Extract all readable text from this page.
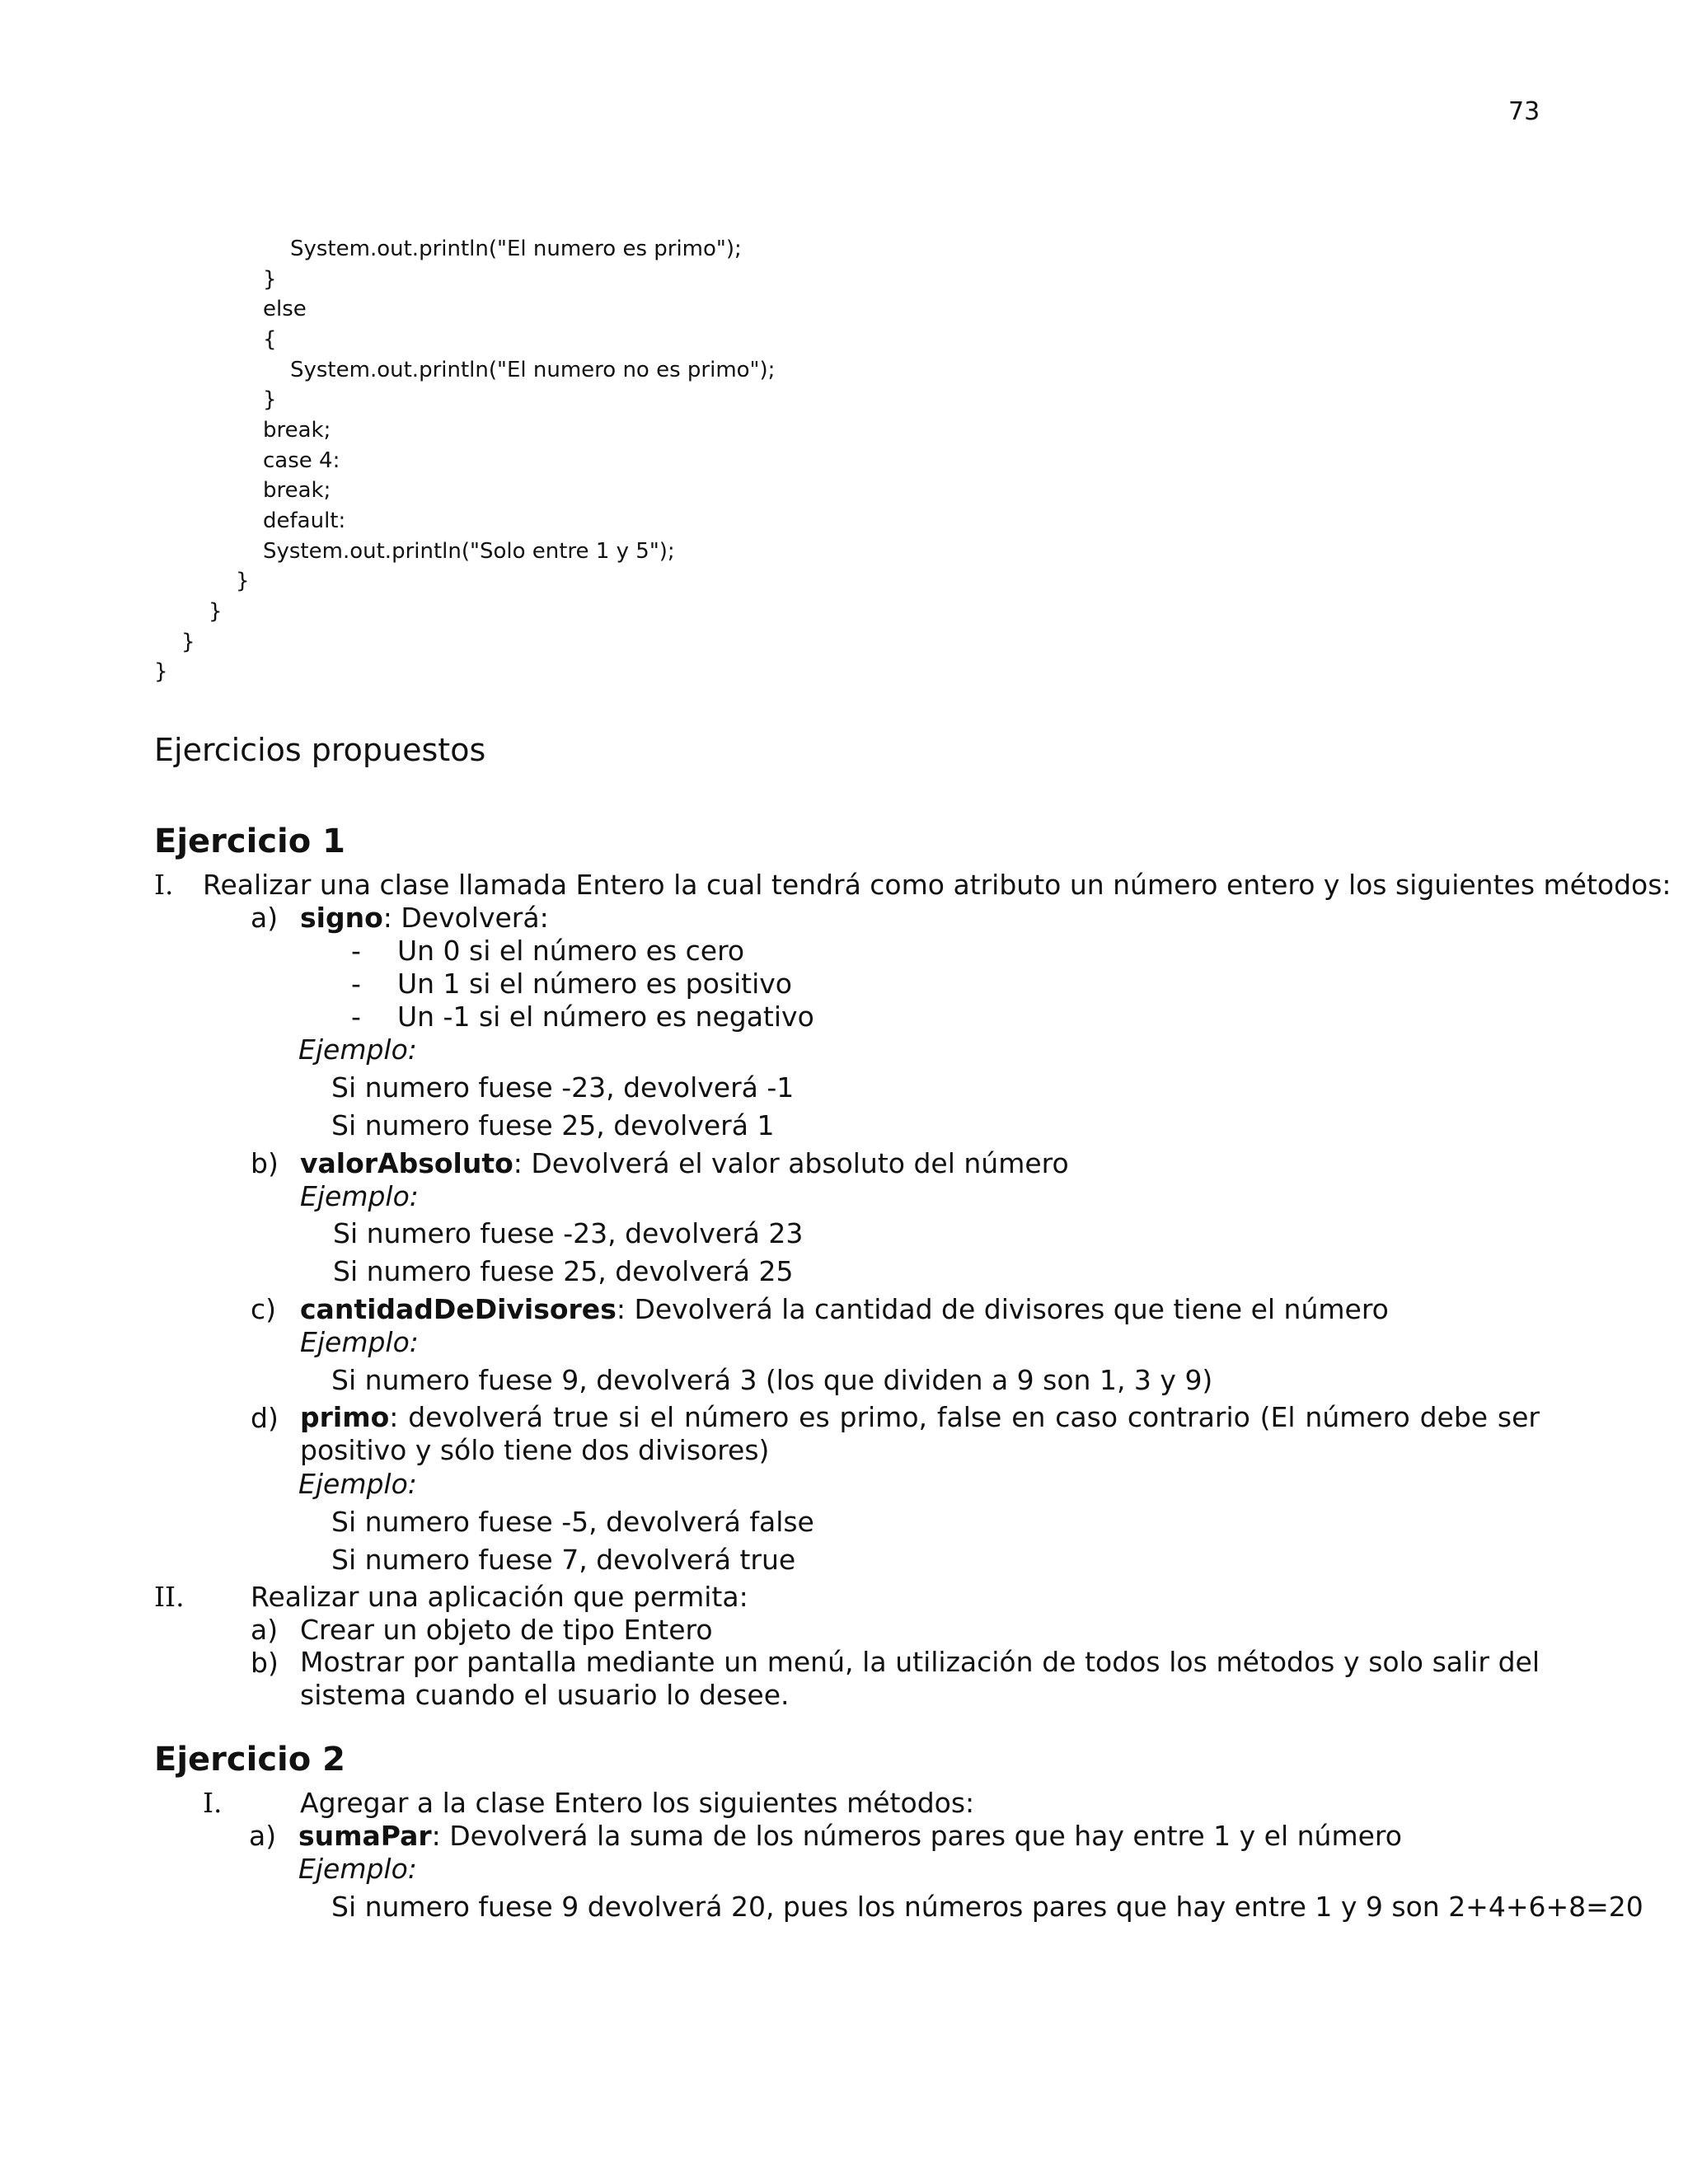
73
System.out.println("El numero es primo");
}
else
{
System.out.println("El numero no es primo");
}
break;
case 4:
break;
default:
System.out.println("Solo entre 1 y 5");
}
}
}
}
Ejercicios propuestos
Ejercicio 1
I. Realizar una clase llamada Entero la cual tendrá como atributo un número entero y los siguientes métodos:
a) signo: Devolverá:
- Un 0 si el número es cero
- Un 1 si el número es positivo
- Un -1 si el número es negativo
Ejemplo:
Si numero fuese -23, devolverá -1
Si numero fuese 25, devolverá 1
b) valorAbsoluto: Devolverá el valor absoluto del número
Ejemplo:
Si numero fuese -23, devolverá 23
Si numero fuese 25, devolverá 25
c) cantidadDeDivisores: Devolverá la cantidad de divisores que tiene el número
Ejemplo:
Si numero fuese 9, devolverá 3 (los que dividen a 9 son 1, 3 y 9)
d) primo: devolverá true si el número es primo, false en caso contrario (El número debe ser positivo y sólo tiene dos divisores)
Ejemplo:
Si numero fuese -5, devolverá false
Si numero fuese 7, devolverá true
II. Realizar una aplicación que permita:
a) Crear un objeto de tipo Entero
b) Mostrar por pantalla mediante un menú, la utilización de todos los métodos y solo salir del sistema cuando el usuario lo desee.
Ejercicio 2
I.	Agregar a la clase Entero los siguientes métodos:
a) sumaPar: Devolverá la suma de los números pares que hay entre 1 y el número
Ejemplo:
Si numero fuese 9 devolverá 20, pues los números pares que hay entre 1 y 9 son 2+4+6+8=20
